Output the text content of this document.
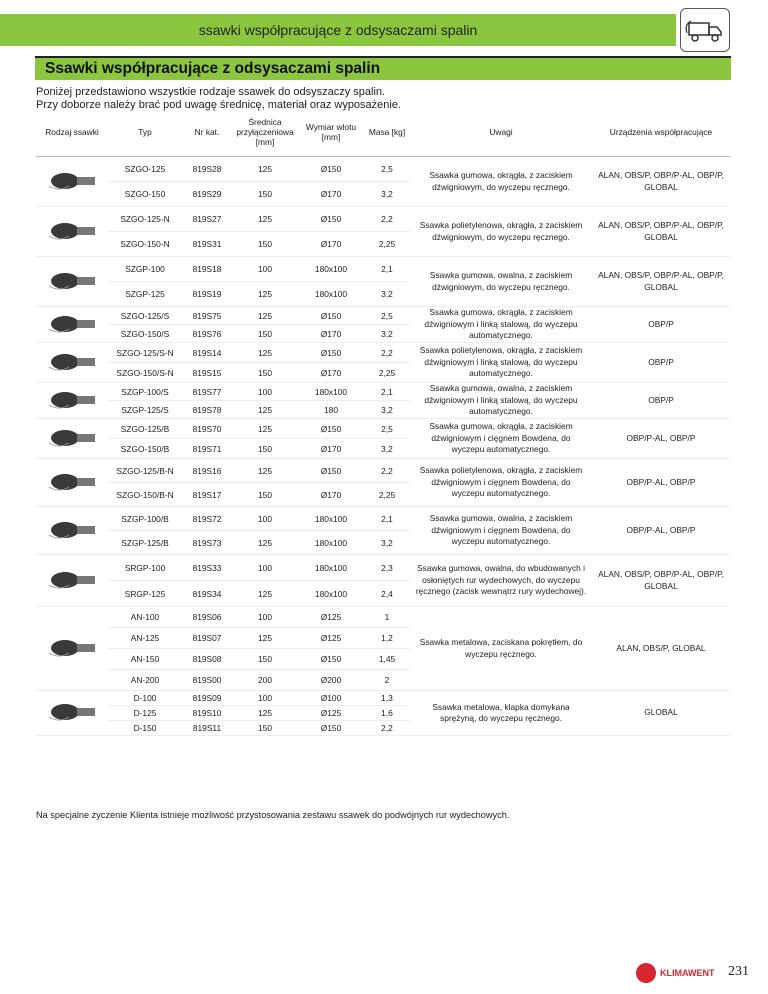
ssawki współpracujące z odsysaczami spalin
Ssawki współpracujące z odsysaczami spalin
Poniżej przedstawiono wszystkie rodzaje ssawek do odsyszaczy spalin.
Przy doborze należy brać pod uwagę średnicę, materiał oraz wyposażenie.
Rodzaj ssawki	Typ	Nr kat.	Średnica przyłączeniowa [mm]	Wymiar wlotu [mm]	Masa [kg]	Uwagi	Urządzenia współpracujące
	SZGO-125	819S28	125	Ø150	2,5	Ssawka gumowa, okrągła, z zaciskiem dźwigniowym, do wyczepu ręcznego.	ALAN, OBS/P, OBP/P-AL, OBP/P, GLOBAL
	SZGO-150	819S29	150	Ø170	3,2		
	SZGO-125-N	819S27	125	Ø150	2,2	Ssawka polietylenowa, okrągła, z zaciskiem dźwigniowym, do wyczepu ręcznego.	ALAN, OBS/P, OBP/P-AL, OBP/P, GLOBAL
	SZGO-150-N	819S31	150	Ø170	2,25		
	SZGP-100	819S18	100	180x100	2,1	Ssawka gumowa, owalna, z zaciskiem dźwigniowym, do wyczepu ręcznego.	ALAN, OBS/P, OBP/P-AL, OBP/P, GLOBAL
	SZGP-125	819S19	125	180x100	3,2		
	SZGO-125/S	819S75	125	Ø150	2,5	Ssawka gumowa, okrągła, z zaciskiem dźwigniowym i linką stalową, do wyczepu automatycznego.	OBP/P
	SZGO-150/S	819S76	150	Ø170	3,2		
	SZGO-125/S-N	819S14	125	Ø150	2,2	Ssawka polietylenowa, okrągła, z zaciskiem dźwigniowym i linką stalową, do wyczepu automatycznego.	OBP/P
	SZGO-150/S-N	819S15	150	Ø170	2,25		
	SZGP-100/S	819S77	100	180x100	2,1	Ssawka gumowa, owalna, z zaciskiem dźwigniowym i linką stalową, do wyczepu automatycznego.	OBP/P
	SZGP-125/S	819S78	125	180	3,2		
	SZGO-125/B	819S70	125	Ø150	2,5	Ssawka gumowa, okrągła, z zaciskiem dźwigniowym i cięgnem Bowdena, do wyczepu automatycznego.	OBP/P-AL, OBP/P
	SZGO-150/B	819S71	150	Ø170	3,2		
	SZGO-125/B-N	819S16	125	Ø150	2,2	Ssawka polietylenowa, okrągła, z zaciskiem dźwigniowym i cięgnem Bowdena, do wyczepu automatycznego.	OBP/P-AL, OBP/P
	SZGO-150/B-N	819S17	150	Ø170	2,25		
	SZGP-100/B	819S72	100	180x100	2,1	Ssawka gumowa, owalna, z zaciskiem dźwigniowym i cięgnem Bowdena, do wyczepu automatycznego.	OBP/P-AL, OBP/P
	SZGP-125/B	819S73	125	180x100	3,2		
	SRGP-100	819S33	100	180x100	2,3	Ssawka gumowa, owalna, do wbudowanych i osłoniętych rur wydechowych, do wyczepu ręcznego (zacisk wewnątrz rury wydechowej).	ALAN, OBS/P, OBP/P-AL, OBP/P, GLOBAL
	SRGP-125	819S34	125	180x100	2,4		
	AN-100	819S06	100	Ø125	1	Ssawka metalowa, zaciskana pokrętłem, do wyczepu ręcznego.	ALAN, OBS/P, GLOBAL
	AN-125	819S07	125	Ø125	1,2		
	AN-150	819S08	150	Ø150	1,45		
	AN-200	819S00	200	Ø200	2		
	D-100	819S09	100	Ø100	1,3	Ssawka metalowa, klapka domykana sprężyną, do wyczepu ręcznego.	GLOBAL
	D-125	819S10	125	Ø125	1,6		
	D-150	819S11	150	Ø150	2,2		
Na specjalne życzenie Klienta istnieje możliwość przystosowania zestawu ssawek do podwójnych rur wydechowych.
KLIMAWENT 231
